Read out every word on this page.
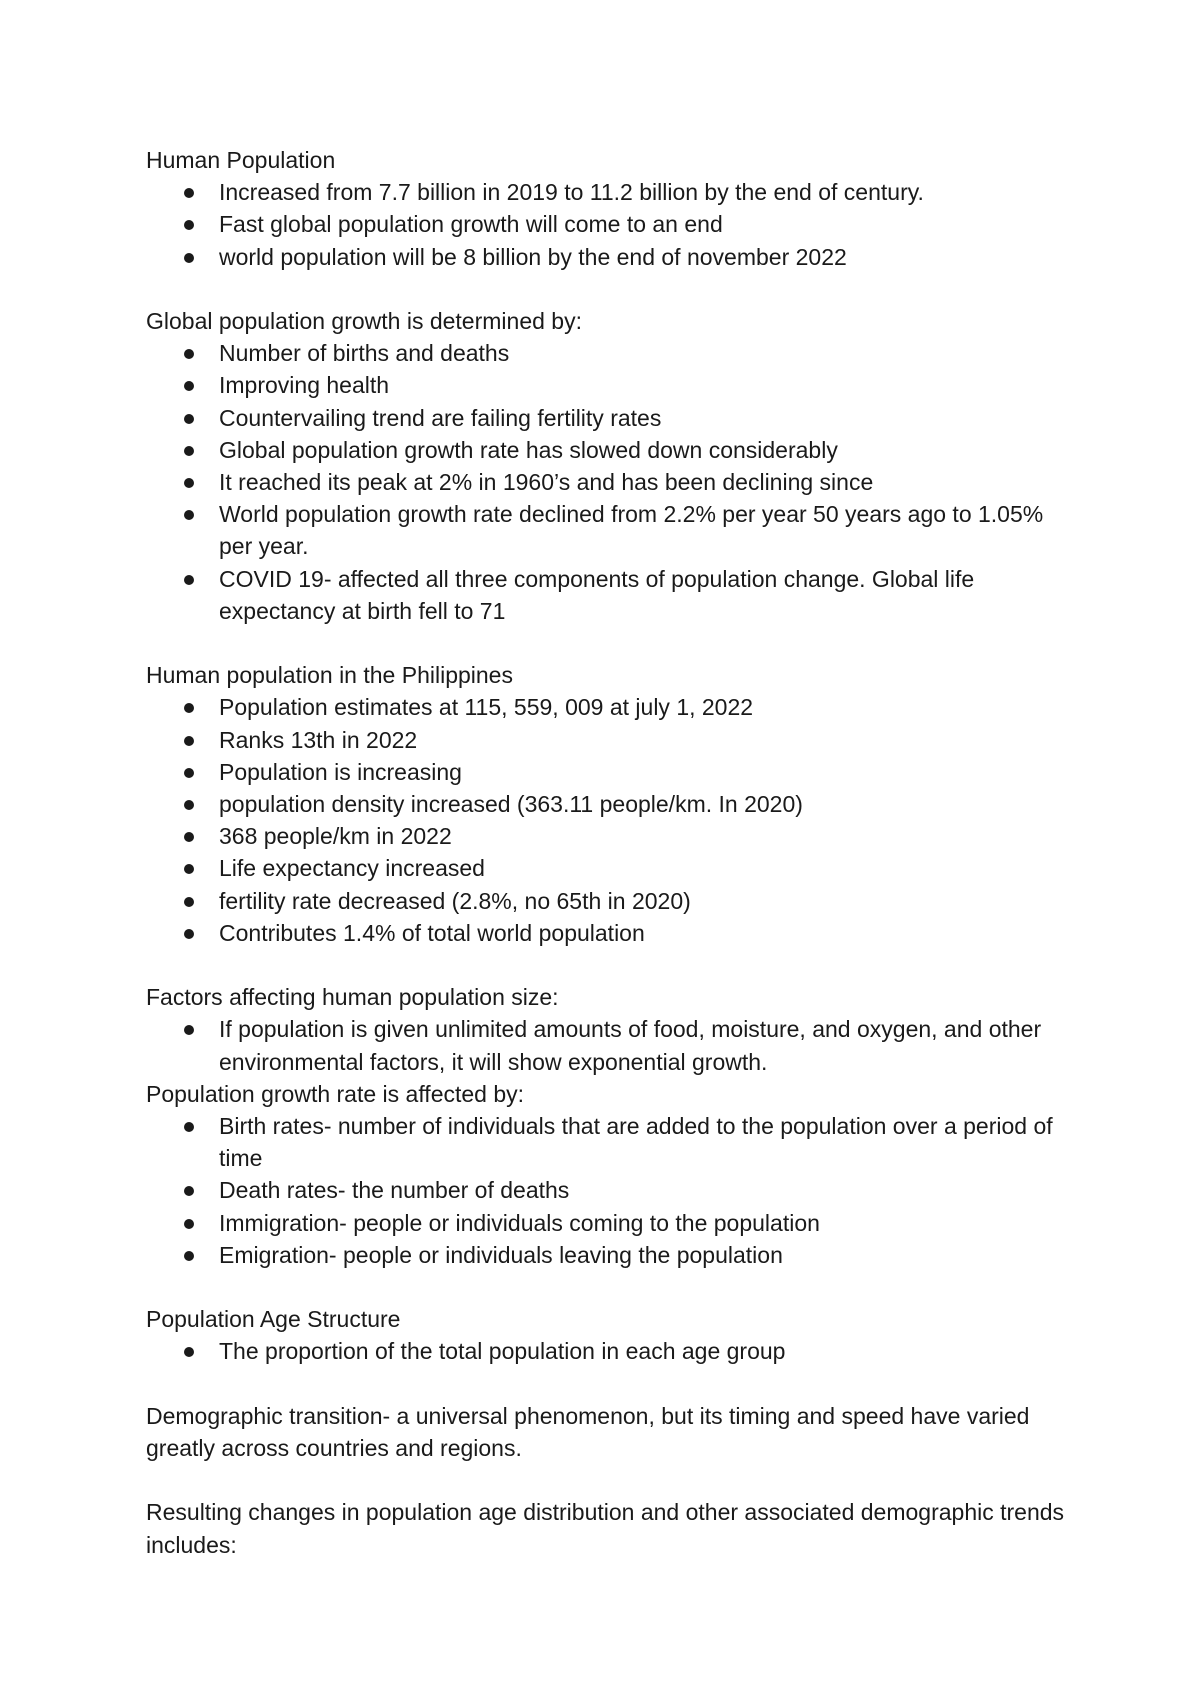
Human Population

Increased from 7.7 billion in 2019 to 11.2 billion by the end of century.
Fast global population growth will come to an end
world population will be 8 billion by the end of november 2022

Global population growth is determined by:

Number of births and deaths
Improving health
Countervailing trend are failing fertility rates
Global population growth rate has slowed down considerably
It reached its peak at 2% in 1960’s and has been declining since
World population growth rate declined from 2.2% per year 50 years ago to 1.05% per year.
COVID 19- affected all three components of population change. Global life expectancy at birth fell to 71

Human population in the Philippines

Population estimates at 115, 559, 009 at july 1, 2022
Ranks 13th in 2022
Population is increasing
population density increased (363.11 people/km. In 2020)
368 people/km in 2022
Life expectancy increased
fertility rate decreased (2.8%, no 65th in 2020)
Contributes 1.4% of total world population

Factors affecting human population size:

If population is given unlimited amounts of food, moisture, and oxygen, and other environmental factors, it will show exponential growth.

Population growth rate is affected by:

Birth rates- number of individuals that are added to the population over a period of time
Death rates- the number of deaths
Immigration- people or individuals coming to the population
Emigration- people or individuals leaving the population

Population Age Structure

The proportion of the total population in each age group

Demographic transition- a universal phenomenon, but its timing and speed have varied greatly across countries and regions.

Resulting changes in population age distribution and other associated demographic trends includes:
